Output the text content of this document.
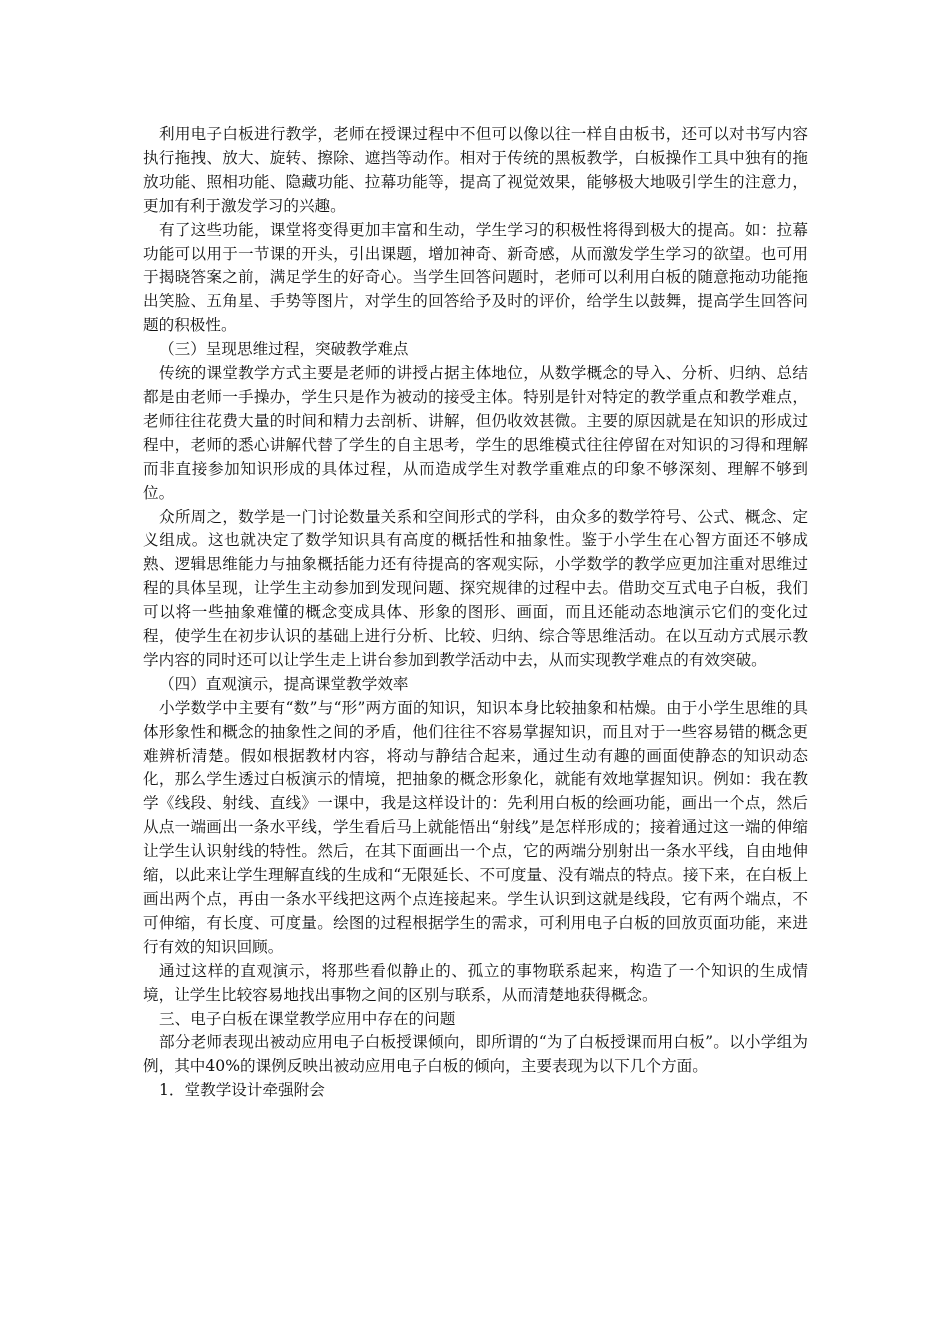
利用电子白板进行教学，老师在授课过程中不但可以像以往一样自由板书，还可以对书写内容执行拖拽、放大、旋转、擦除、遮挡等动作。相对于传统的黑板教学，白板操作工具中独有的拖放功能、照相功能、隐藏功能、拉幕功能等，提高了视觉效果，能够极大地吸引学生的注意力，更加有利于激发学习的兴趣。

有了这些功能，课堂将变得更加丰富和生动，学生学习的积极性将得到极大的提高。如：拉幕功能可以用于一节课的开头，引出课题，增加神奇、新奇感，从而激发学生学习的欲望。也可用于揭晓答案之前，满足学生的好奇心。当学生回答问题时，老师可以利用白板的随意拖动功能拖出笑脸、五角星、手势等图片，对学生的回答给予及时的评价，给学生以鼓舞，提高学生回答问题的积极性。

（三）呈现思维过程，突破教学难点

传统的课堂教学方式主要是老师的讲授占据主体地位，从数学概念的导入、分析、归纳、总结都是由老师一手操办，学生只是作为被动的接受主体。特别是针对特定的教学重点和教学难点，老师往往花费大量的时间和精力去剖析、讲解，但仍收效甚微。主要的原因就是在知识的形成过程中，老师的悉心讲解代替了学生的自主思考，学生的思维模式往往停留在对知识的习得和理解而非直接参加知识形成的具体过程，从而造成学生对教学重难点的印象不够深刻、理解不够到位。

众所周之，数学是一门讨论数量关系和空间形式的学科，由众多的数学符号、公式、概念、定义组成。这也就决定了数学知识具有高度的概括性和抽象性。鉴于小学生在心智方面还不够成熟、逻辑思维能力与抽象概括能力还有待提高的客观实际，小学数学的教学应更加注重对思维过程的具体呈现，让学生主动参加到发现问题、探究规律的过程中去。借助交互式电子白板，我们可以将一些抽象难懂的概念变成具体、形象的图形、画面，而且还能动态地演示它们的变化过程，使学生在初步认识的基础上进行分析、比较、归纳、综合等思维活动。在以互动方式展示教学内容的同时还可以让学生走上讲台参加到教学活动中去，从而实现教学难点的有效突破。

（四）直观演示，提高课堂教学效率

小学数学中主要有“数”与“形”两方面的知识，知识本身比较抽象和枯燥。由于小学生思维的具体形象性和概念的抽象性之间的矛盾，他们往往不容易掌握知识，而且对于一些容易错的概念更难辨析清楚。假如根据教材内容，将动与静结合起来，通过生动有趣的画面使静态的知识动态化，那么学生透过白板演示的情境，把抽象的概念形象化，就能有效地掌握知识。例如：我在教学《线段、射线、直线》一课中，我是这样设计的：先利用白板的绘画功能，画出一个点，然后从点一端画出一条水平线，学生看后马上就能悟出“射线”是怎样形成的；接着通过这一端的伸缩让学生认识射线的特性。然后，在其下面画出一个点，它的两端分别射出一条水平线，自由地伸缩，以此来让学生理解直线的生成和“无限延长、不可度量、没有端点的特点。接下来，在白板上画出两个点，再由一条水平线把这两个点连接起来。学生认识到这就是线段，它有两个端点，不可伸缩，有长度、可度量。绘图的过程根据学生的需求，可利用电子白板的回放页面功能，来进行有效的知识回顾。

通过这样的直观演示，将那些看似静止的、孤立的事物联系起来，构造了一个知识的生成情境，让学生比较容易地找出事物之间的区别与联系，从而清楚地获得概念。

三、电子白板在课堂教学应用中存在的问题

部分老师表现出被动应用电子白板授课倾向，即所谓的“为了白板授课而用白板”。以小学组为例，其中40%的课例反映出被动应用电子白板的倾向，主要表现为以下几个方面。

1．堂教学设计牵强附会
